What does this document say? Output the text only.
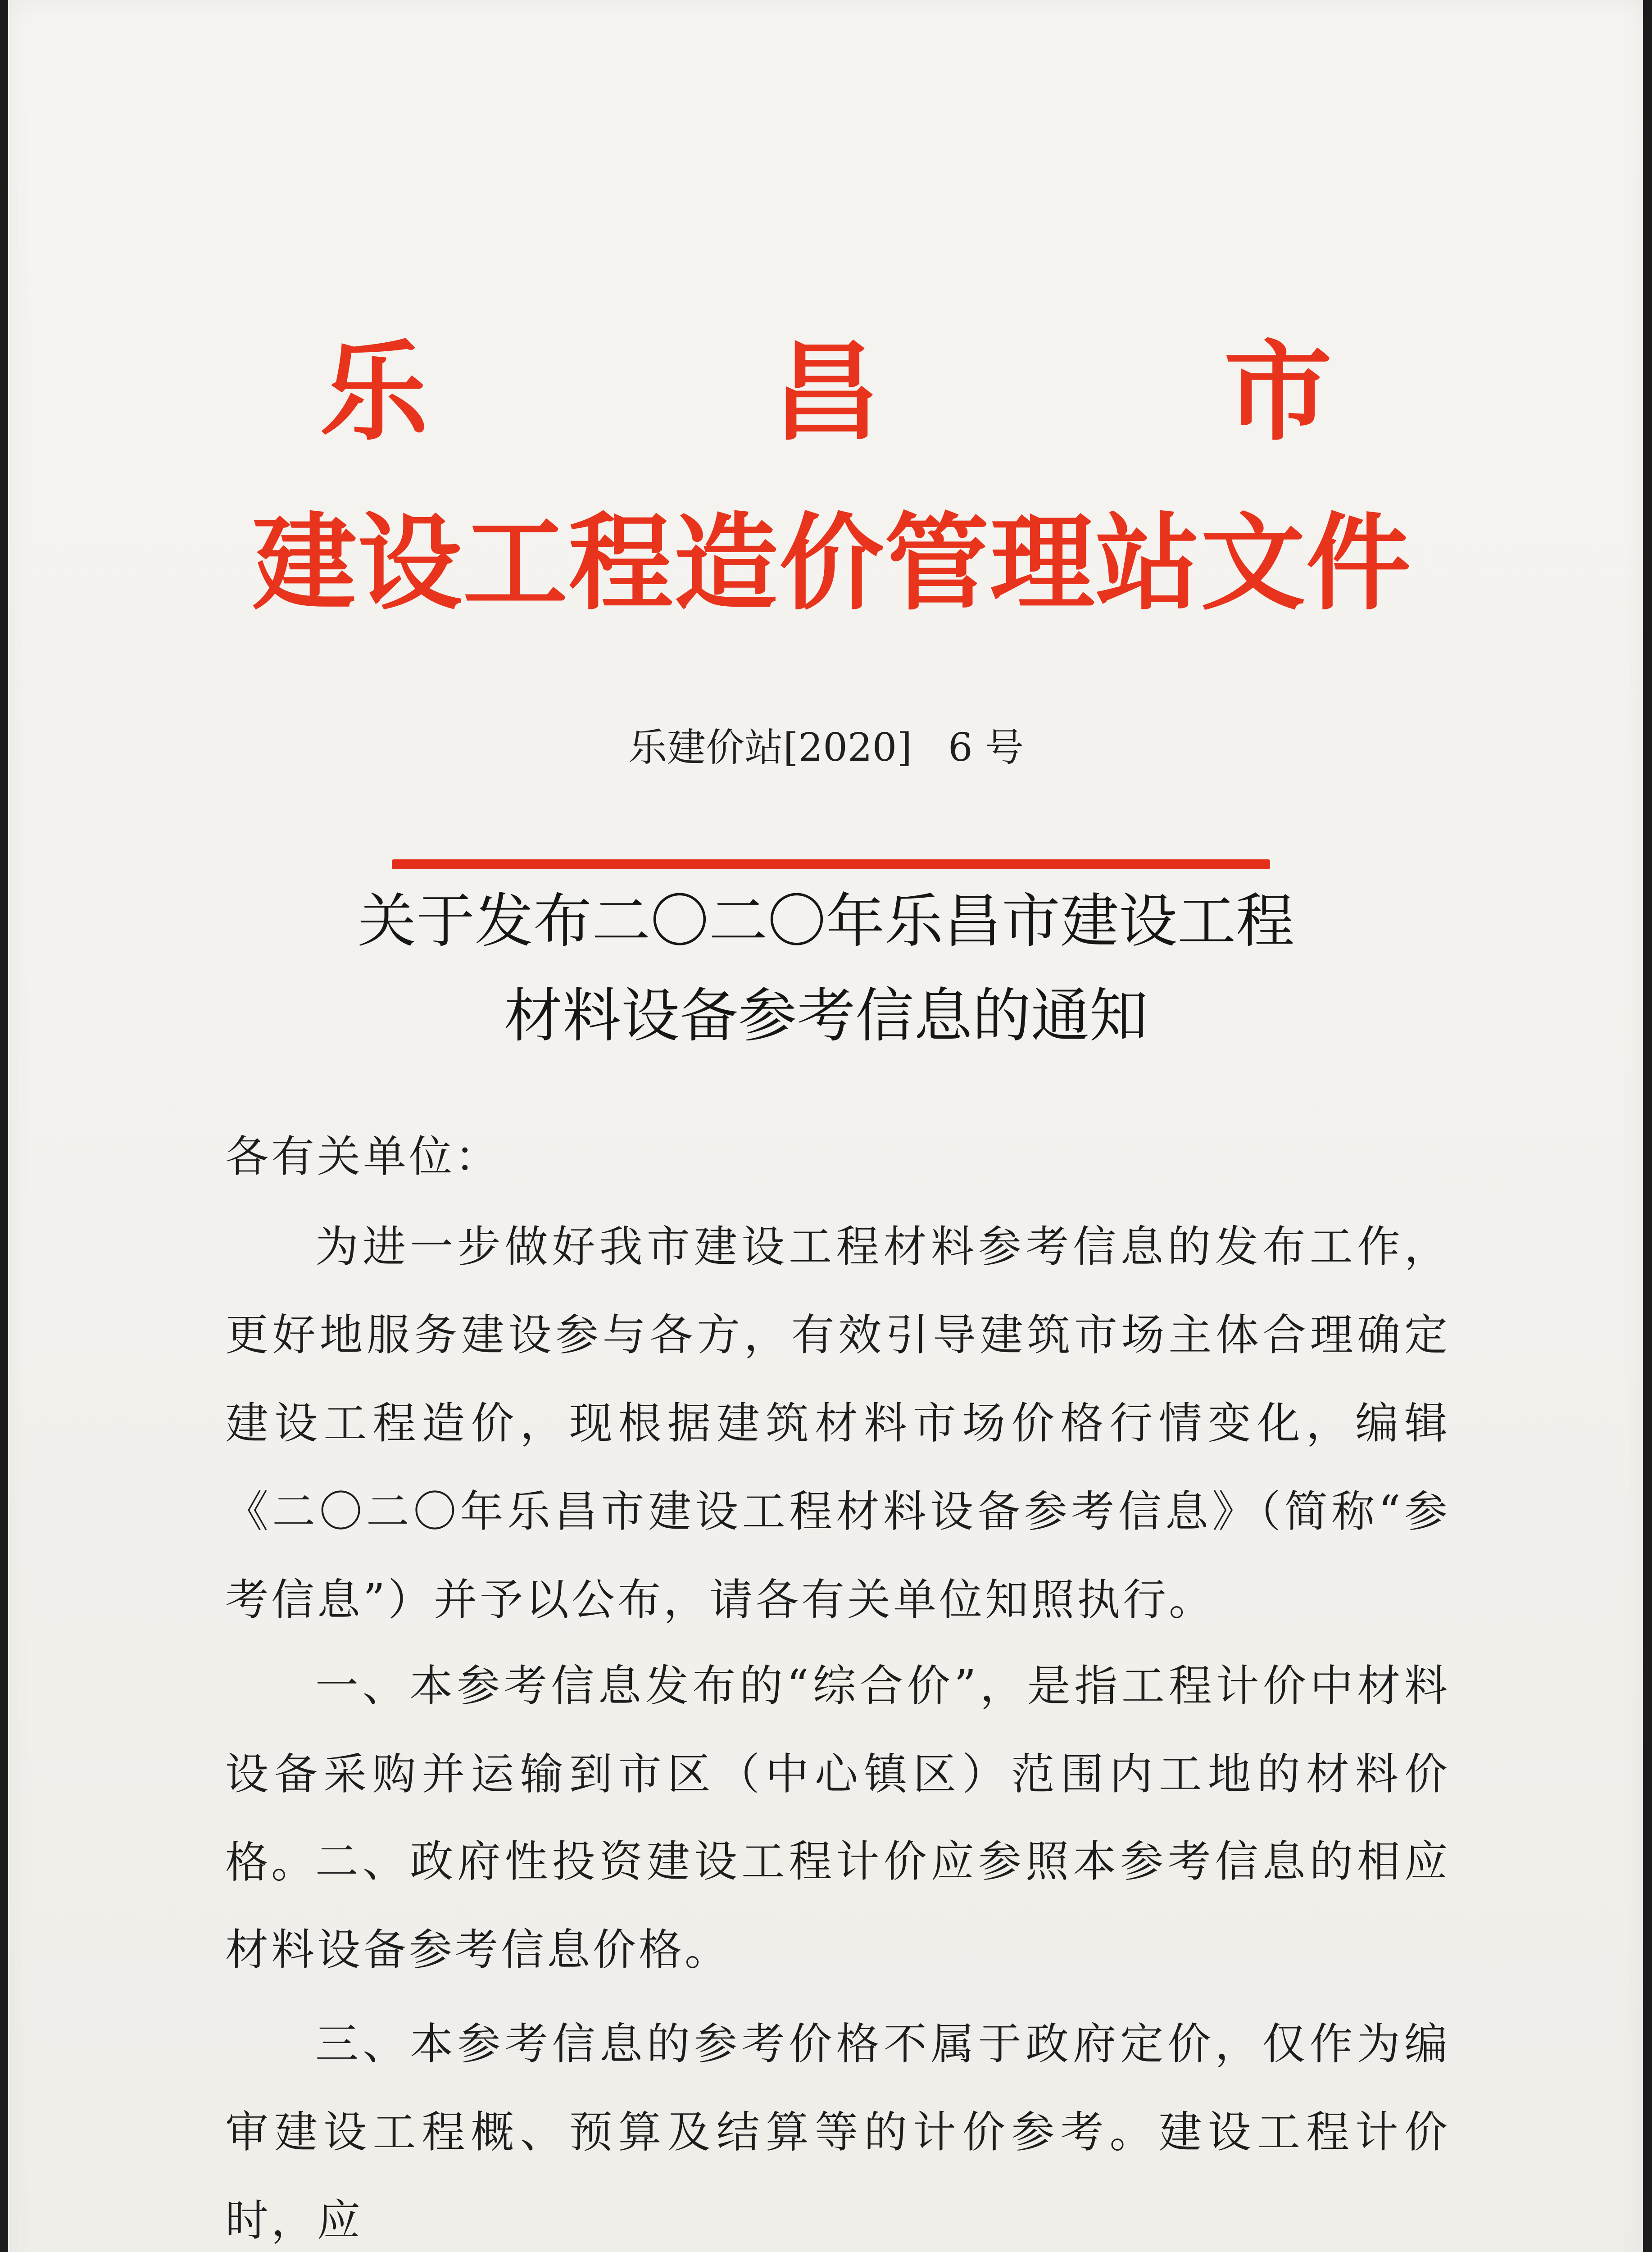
乐 昌 市
建设工程造价管理站文件
乐建价站[2020] 6 号
关于发布二〇二〇年乐昌市建设工程
材料设备参考信息的通知
各有关单位：

为进一步做好我市建设工程材料参考信息的发布工作，更好地服务建设参与各方，有效引导建筑市场主体合理确定建设工程造价，现根据建筑材料市场价格行情变化，编辑《二〇二〇年乐昌市建设工程材料设备参考信息》（简称“参考信息”）并予以公布，请各有关单位知照执行。

一、本参考信息发布的“综合价”，是指工程计价中材料设备采购并运输到市区（中心镇区）范围内工地的材料价格。

二、政府性投资建设工程计价应参照本参考信息的相应材料设备参考信息价格。

三、本参考信息的参考价格不属于政府定价，仅作为编审建设工程概、预算及结算等的计价参考。建设工程计价时，应
